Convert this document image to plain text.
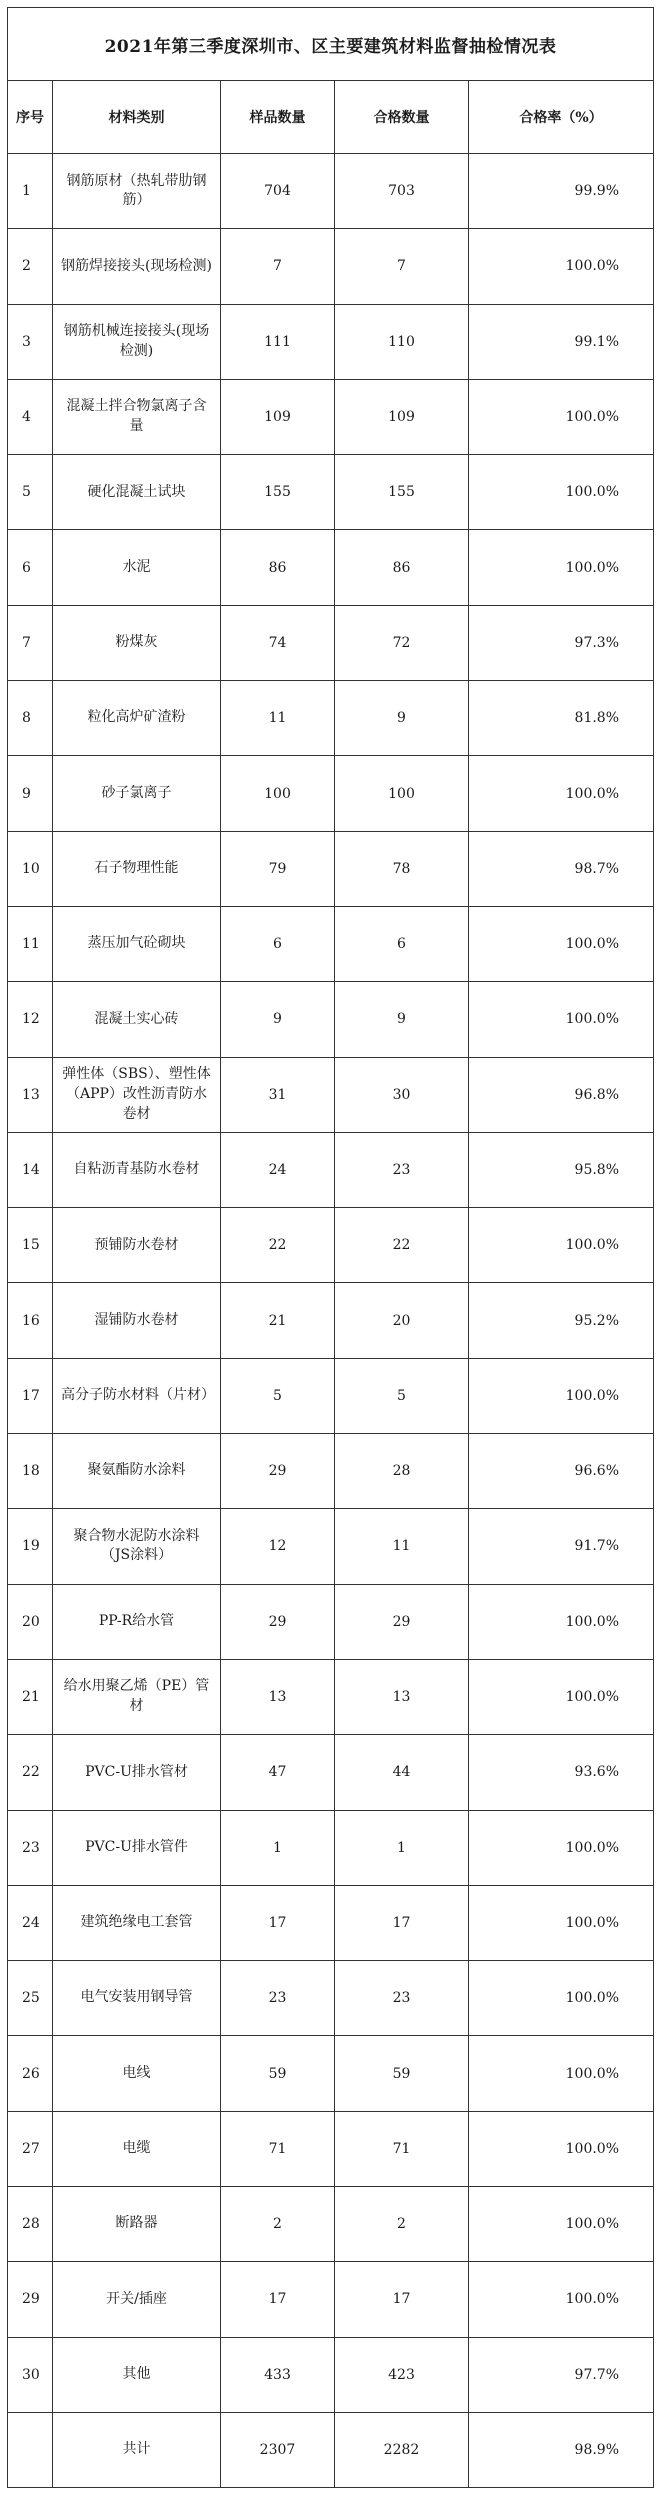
2021年第三季度深圳市、区主要建筑材料监督抽检情况表				
序号	材料类别	样品数量	合格数量	合格率（%）
1	钢筋原材（热轧带肋钢筋）	704	703	99.9%
2	钢筋焊接接头(现场检测)	7	7	100.0%
3	钢筋机械连接接头(现场检测)	111	110	99.1%
4	混凝土拌合物氯离子含量	109	109	100.0%
5	硬化混凝土试块	155	155	100.0%
6	水泥	86	86	100.0%
7	粉煤灰	74	72	97.3%
8	粒化高炉矿渣粉	11	9	81.8%
9	砂子氯离子	100	100	100.0%
10	石子物理性能	79	78	98.7%
11	蒸压加气砼砌块	6	6	100.0%
12	混凝土实心砖	9	9	100.0%
13	弹性体（SBS）、塑性体（APP）改性沥青防水卷材	31	30	96.8%
14	自粘沥青基防水卷材	24	23	95.8%
15	预铺防水卷材	22	22	100.0%
16	湿铺防水卷材	21	20	95.2%
17	高分子防水材料（片材）	5	5	100.0%
18	聚氨酯防水涂料	29	28	96.6%
19	聚合物水泥防水涂料（JS涂料）	12	11	91.7%
20	PP-R给水管	29	29	100.0%
21	给水用聚乙烯（PE）管材	13	13	100.0%
22	PVC-U排水管材	47	44	93.6%
23	PVC-U排水管件	1	1	100.0%
24	建筑绝缘电工套管	17	17	100.0%
25	电气安装用钢导管	23	23	100.0%
26	电线	59	59	100.0%
27	电缆	71	71	100.0%
28	断路器	2	2	100.0%
29	开关/插座	17	17	100.0%
30	其他	433	423	97.7%
	共计	2307	2282	98.9%
